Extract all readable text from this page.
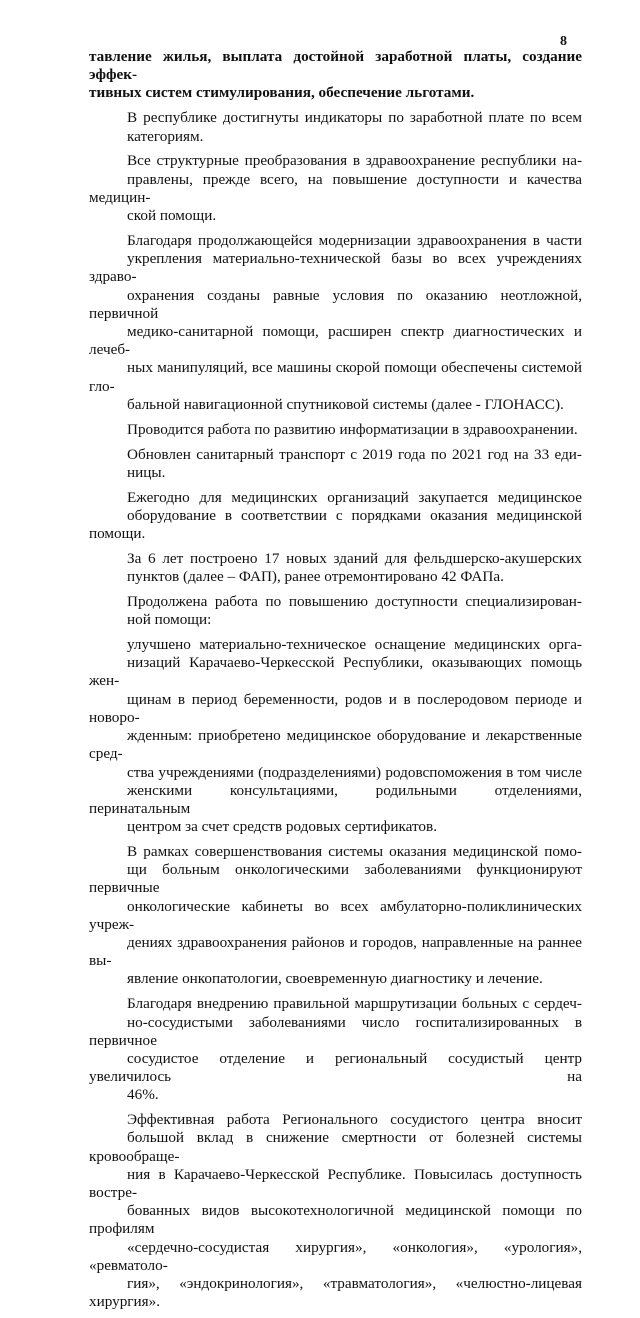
8

тавление жилья, выплата достойной заработной платы, создание эффек-
тивных систем стимулирования, обеспечение льготами.

В республике достигнуты индикаторы по заработной плате по всем
категориям.

Все структурные преобразования в здравоохранение республики на-
правлены, прежде всего, на повышение доступности и качества медицин-
ской помощи.

Благодаря продолжающейся модернизации здравоохранения в части
укрепления материально-технической базы во всех учреждениях здраво-
охранения созданы равные условия по оказанию неотложной, первичной
медико-санитарной помощи, расширен спектр диагностических и лечеб-
ных манипуляций, все машины скорой помощи обеспечены системой гло-
бальной навигационной спутниковой системы (далее - ГЛОНАСС).

Проводится работа по развитию информатизации в здравоохранении.

Обновлен санитарный транспорт с 2019 года по 2021 год на 33 еди-
ницы.

Ежегодно для медицинских организаций закупается медицинское
оборудование в соответствии с порядками оказания медицинской помощи.

За 6 лет построено 17 новых зданий для фельдшерско-акушерских
пунктов (далее – ФАП), ранее отремонтировано 42 ФАПа.

Продолжена работа по повышению доступности специализирован-
ной помощи:

улучшено материально-техническое оснащение медицинских орга-
низаций Карачаево-Черкесской Республики, оказывающих помощь жен-
щинам в период беременности, родов и в послеродовом периоде и новоро-
жденным: приобретено медицинское оборудование и лекарственные сред-
ства учреждениями (подразделениями) родовспоможения в том числе
женскими консультациями, родильными отделениями, перинатальным
центром за счет средств родовых сертификатов.

В рамках совершенствования системы оказания медицинской помо-
щи больным онкологическими заболеваниями функционируют первичные
онкологические кабинеты во всех амбулаторно-поликлинических учреж-
дениях здравоохранения районов и городов, направленные на раннее вы-
явление онкопатологии, своевременную диагностику и лечение.

Благодаря внедрению правильной маршрутизации больных с сердеч-
но-сосудистыми заболеваниями число госпитализированных в первичное
сосудистое отделение и региональный сосудистый центр увеличилось на
46%.

Эффективная работа Регионального сосудистого центра вносит
большой вклад в снижение смертности от болезней системы кровообраще-
ния в Карачаево-Черкесской Республике. Повысилась доступность востре-
бованных видов высокотехнологичной медицинской помощи по профилям
«сердечно-сосудистая хирургия», «онкология», «урология», «ревматоло-
гия», «эндокринология», «травматология», «челюстно-лицевая хирургия».
